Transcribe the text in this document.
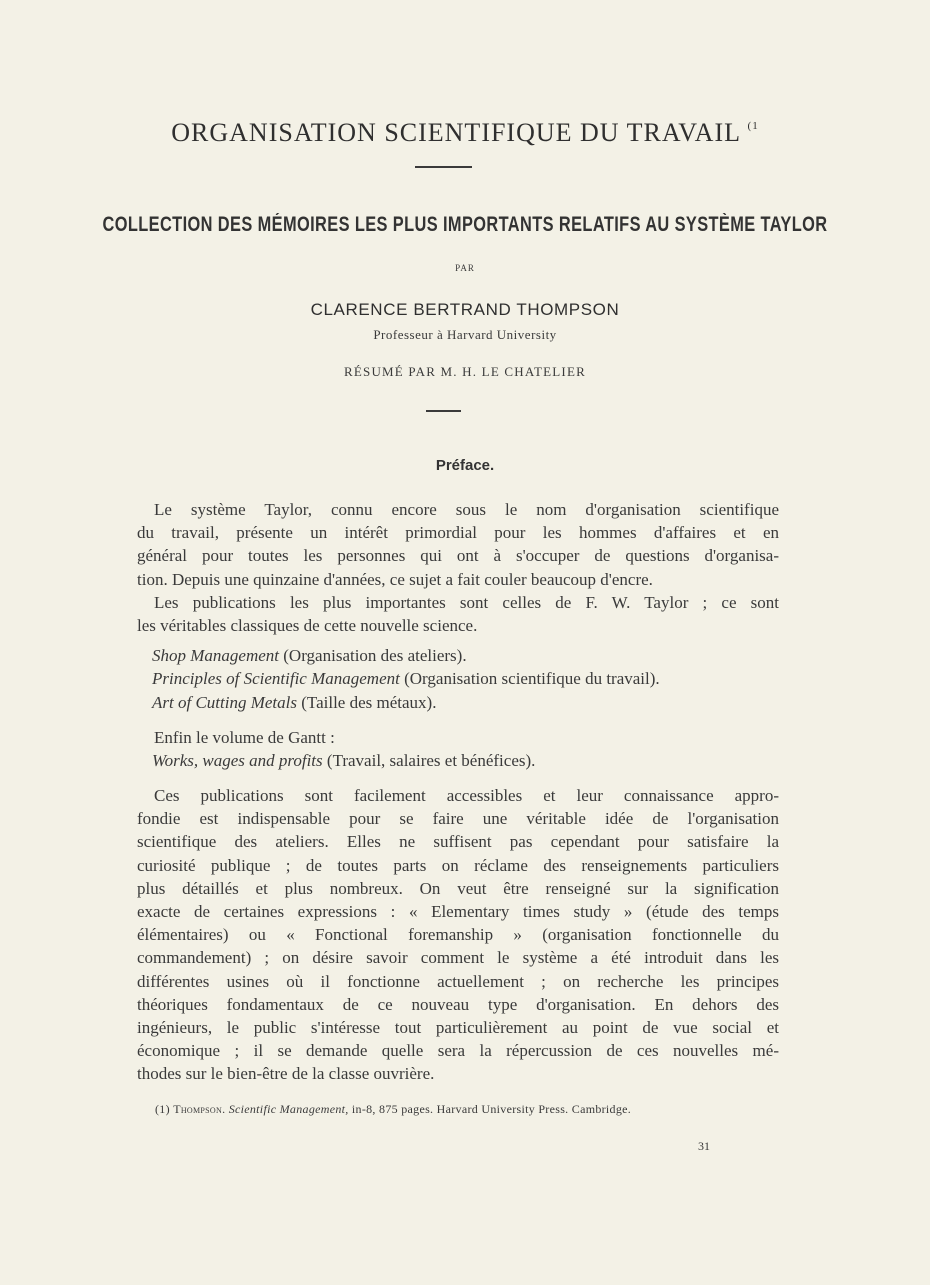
ORGANISATION SCIENTIFIQUE DU TRAVAIL $^{(1}$
COLLECTION DES MÉMOIRES LES PLUS IMPORTANTS RELATIFS AU SYSTÈME TAYLOR
PAR
CLARENCE BERTRAND THOMPSON
Professeur à Harvard University
RÉSUMÉ PAR M. H. LE CHATELIER
Préface.
Le système Taylor, connu encore sous le nom d'organisation scientifique
du travail, présente un intérêt primordial pour les hommes d'affaires et en
général pour toutes les personnes qui ont à s'occuper de questions d'organisa-
tion. Depuis une quinzaine d'années, ce sujet a fait couler beaucoup d'encre.
Les publications les plus importantes sont celles de F. W. Taylor ; ce sont
les véritables classiques de cette nouvelle science.
Shop Management (Organisation des ateliers).
Principles of Scientific Management (Organisation scientifique du travail).
Art of Cutting Metals (Taille des métaux).
Enfin le volume de Gantt :
Works, wages and profits (Travail, salaires et bénéfices).
Ces publications sont facilement accessibles et leur connaissance appro-
fondie est indispensable pour se faire une véritable idée de l'organisation
scientifique des ateliers. Elles ne suffisent pas cependant pour satisfaire la
curiosité publique ; de toutes parts on réclame des renseignements particuliers
plus détaillés et plus nombreux. On veut être renseigné sur la signification
exacte de certaines expressions : « Elementary times study » (étude des temps
élémentaires) ou « Fonctional foremanship » (organisation fonctionnelle du
commandement) ; on désire savoir comment le système a été introduit dans les
différentes usines où il fonctionne actuellement ; on recherche les principes
théoriques fondamentaux de ce nouveau type d'organisation. En dehors des
ingénieurs, le public s'intéresse tout particulièrement au point de vue social et
économique ; il se demande quelle sera la répercussion de ces nouvelles mé-
thodes sur le bien-être de la classe ouvrière.
(1) Thompson. Scientific Management, in-8, 875 pages. Harvard University Press. Cambridge.
31
